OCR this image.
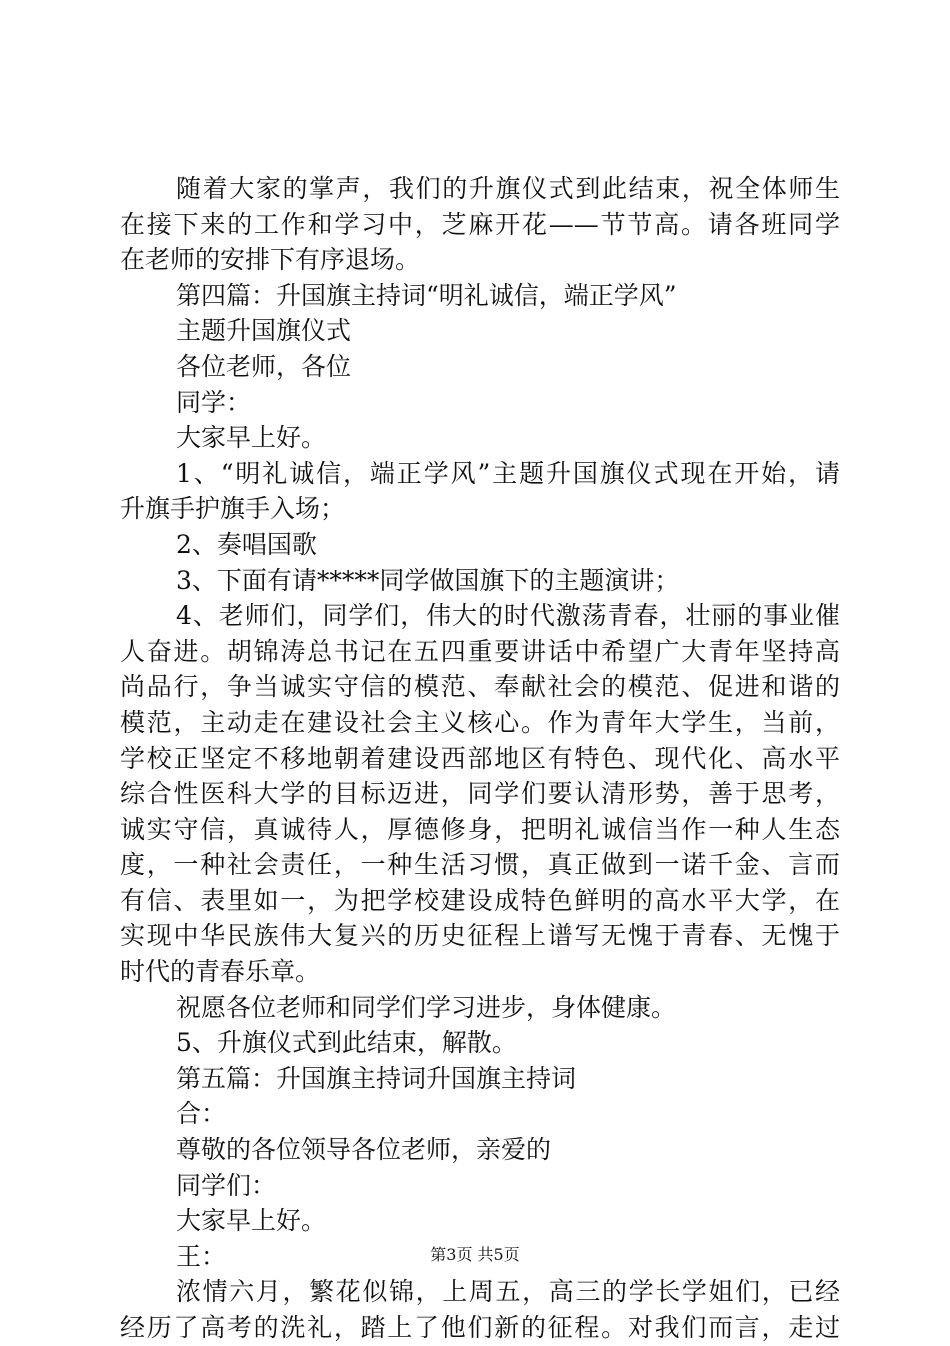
随着大家的掌声，我们的升旗仪式到此结束，祝全体师生
在接下来的工作和学习中，芝麻开花——节节高。请各班同学
在老师的安排下有序退场。
第四篇：升国旗主持词“明礼诚信，端正学风”
主题升国旗仪式
各位老师，各位
同学：
大家早上好。
1、“明礼诚信，端正学风”主题升国旗仪式现在开始，请
升旗手护旗手入场；
2、奏唱国歌
3、下面有请*****同学做国旗下的主题演讲；
4、老师们，同学们，伟大的时代激荡青春，壮丽的事业催
人奋进。胡锦涛总书记在五四重要讲话中希望广大青年坚持高
尚品行，争当诚实守信的模范、奉献社会的模范、促进和谐的
模范，主动走在建设社会主义核心。作为青年大学生，当前，
学校正坚定不移地朝着建设西部地区有特色、现代化、高水平
综合性医科大学的目标迈进，同学们要认清形势，善于思考，
诚实守信，真诚待人，厚德修身，把明礼诚信当作一种人生态
度，一种社会责任，一种生活习惯，真正做到一诺千金、言而
有信、表里如一，为把学校建设成特色鲜明的高水平大学，在
实现中华民族伟大复兴的历史征程上谱写无愧于青春、无愧于
时代的青春乐章。
祝愿各位老师和同学们学习进步，身体健康。
5、升旗仪式到此结束，解散。
第五篇：升国旗主持词升国旗主持词
合：
尊敬的各位领导各位老师，亲爱的
同学们：
大家早上好。
王：
浓情六月，繁花似锦，上周五，高三的学长学姐们，已经
经历了高考的洗礼，踏上了他们新的征程。对我们而言，走过
第3页 共5页
